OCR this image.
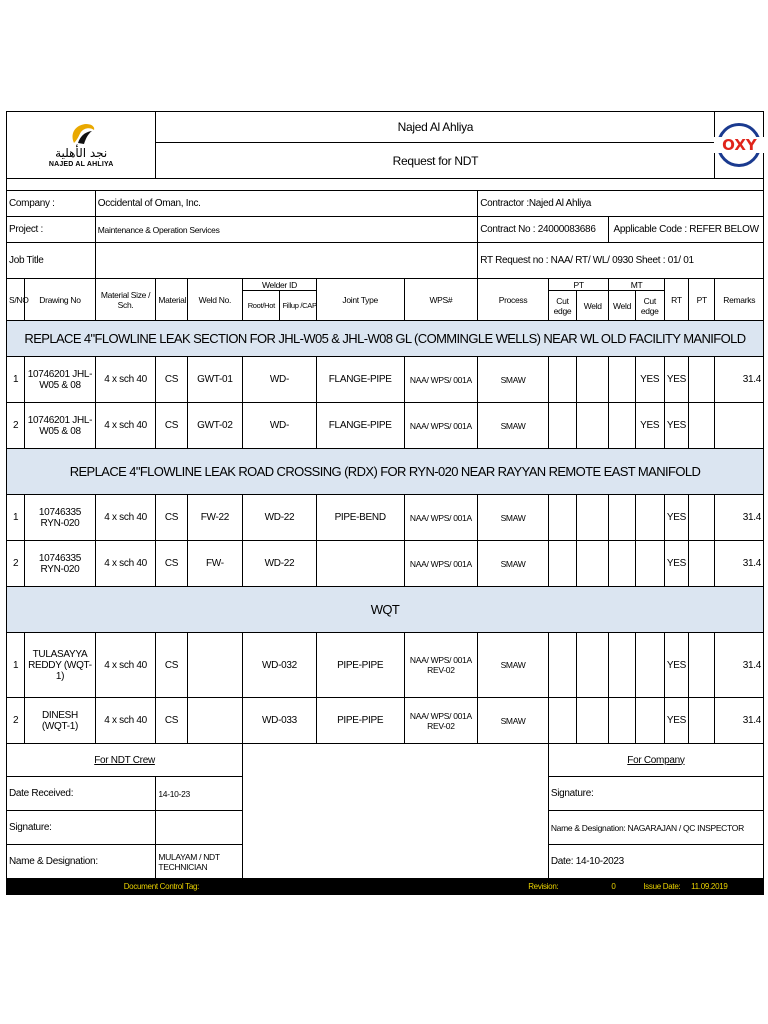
نجد الأهلية
NAJED AL AHLIYA			Najed Al Ahliya													OXY

			Request for NDT													

Company :		Occidental of Oman, Inc.							Contractor :Najed Al Ahliya							
Project :		Maintenance & Operation Services							Contract No : 24000083686			Applicable Code : REFER BELOW				
Job Title									RT Request no : NAA/ RT/ WL/ 0930 Sheet : 01/ 01							
S/NO	Drawing No	Material Size / Sch.	Material	Weld No.	Welder ID		Joint Type	WPS#	Process	PT		MT		RT	PT	Remarks
					Root/Hot	Fillup /CAP				Cut edge	Weld	Weld	Cut edge			
REPLACE 4"FLOWLINE LEAK SECTION FOR JHL-W05 & JHL-W08 GL (COMMINGLE WELLS) NEAR WL OLD FACILITY MANIFOLD																
1	10746201 JHL-W05 & 08	4 x sch 40	CS	GWT-01	WD-		FLANGE-PIPE	NAA/ WPS/ 001A	SMAW				YES	YES		31.4
2	10746201 JHL-W05 & 08	4 x sch 40	CS	GWT-02	WD-		FLANGE-PIPE	NAA/ WPS/ 001A	SMAW				YES	YES		
REPLACE 4"FLOWLINE LEAK ROAD CROSSING (RDX) FOR RYN-020 NEAR RAYYAN REMOTE EAST MANIFOLD																
1	10746335 RYN-020	4 x sch 40	CS	FW-22	WD-22		PIPE-BEND	NAA/ WPS/ 001A	SMAW					YES		31.4
2	10746335 RYN-020	4 x sch 40	CS	FW-	WD-22			NAA/ WPS/ 001A	SMAW					YES		31.4
WQT																
1	TULASAYYA REDDY (WQT-1)	4 x sch 40	CS		WD-032		PIPE-PIPE	NAA/ WPS/ 001A REV-02	SMAW					YES		31.4
2	DINESH (WQT-1)	4 x sch 40	CS		WD-033		PIPE-PIPE	NAA/ WPS/ 001A REV-02	SMAW					YES		31.4
For NDT Crew										For Company						
Date Received:			14-10-23							Signature:						
Signature:										Name & Designation: NAGARAJAN / QC INSPECTOR						
Name & Designation:			MULAYAM / NDT TECHNICIAN							Date: 14-10-2023						
Document Control Tag:									Revision:			0	Issue Date:		11.09.2019	
